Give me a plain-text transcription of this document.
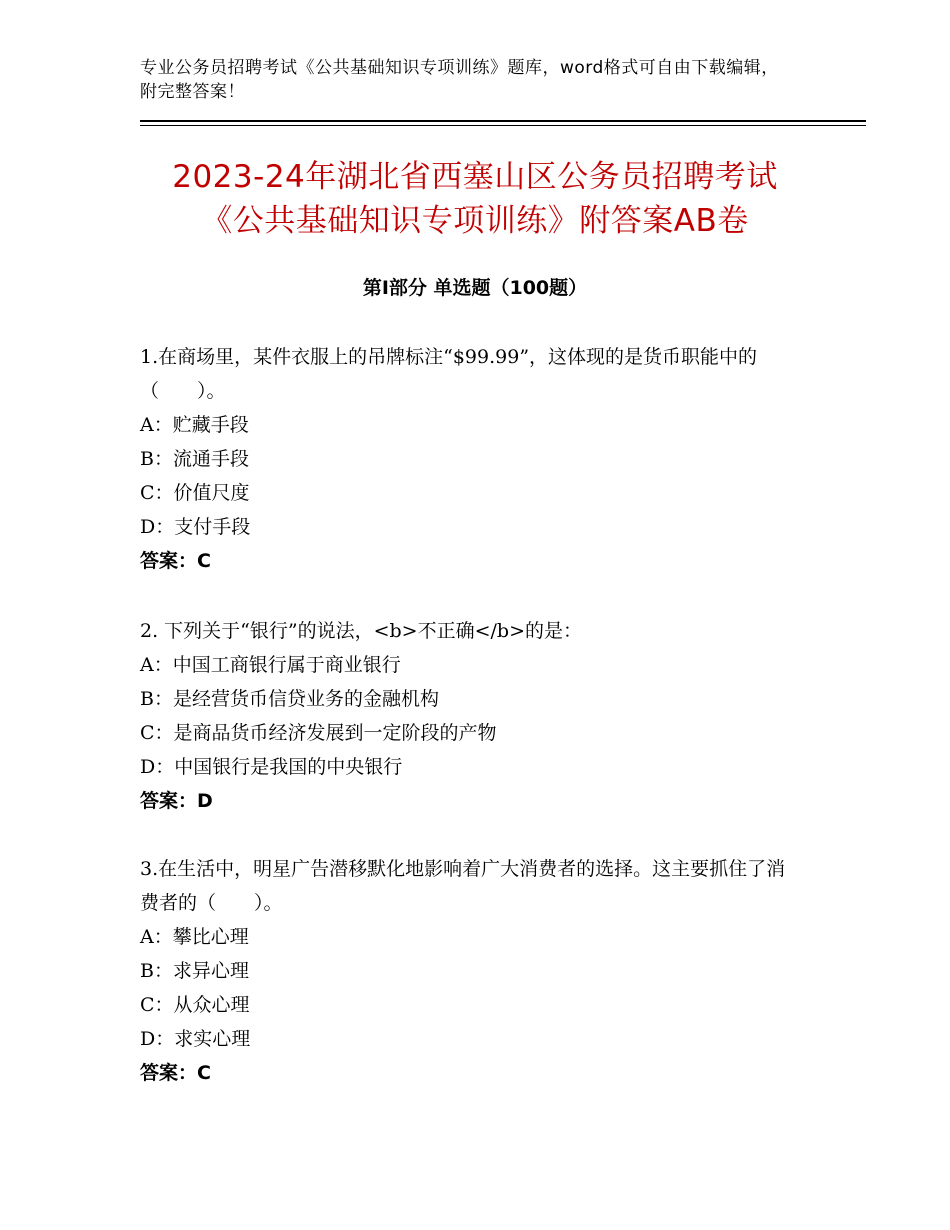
专业公务员招聘考试《公共基础知识专项训练》题库，word格式可自由下载编辑，附完整答案！
2023-24年湖北省西塞山区公务员招聘考试
《公共基础知识专项训练》附答案AB卷
第Ⅰ部分 单选题（100题）

1.在商场里，某件衣服上的吊牌标注“$99.99”，这体现的是货币职能中的（　　）。

A：贮藏手段

B：流通手段

C：价值尺度

D：支付手段

答案：C

2. 下列关于“银行”的说法，<b>不正确</b>的是：

A：中国工商银行属于商业银行

B：是经营货币信贷业务的金融机构

C：是商品货币经济发展到一定阶段的产物

D：中国银行是我国的中央银行

答案：D

3.在生活中，明星广告潜移默化地影响着广大消费者的选择。这主要抓住了消费者的（　　）。

A：攀比心理

B：求异心理

C：从众心理

D：求实心理

答案：C
